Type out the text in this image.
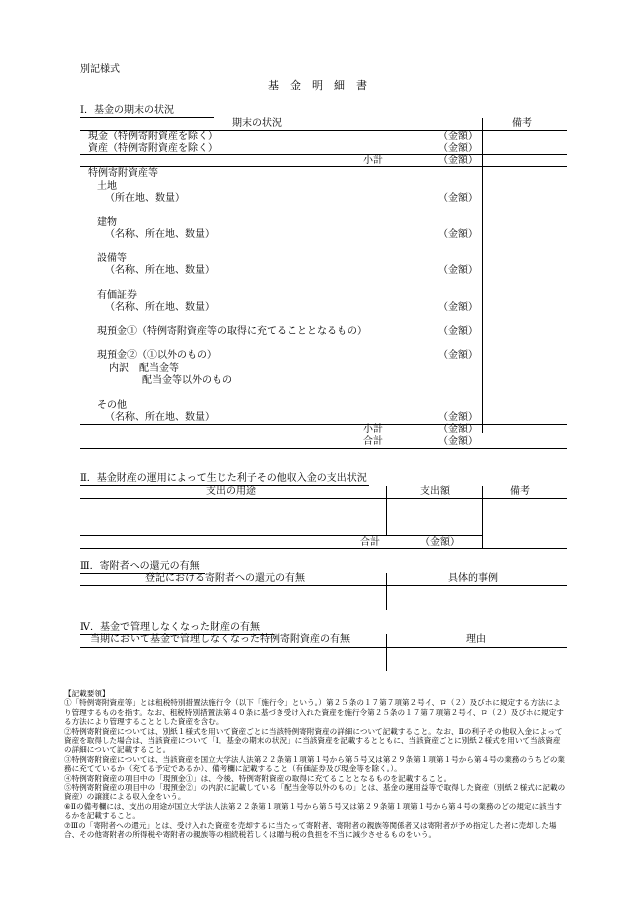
別記様式
基金明細書
Ⅰ．基金の期末の状況
期末の状況	備考
現金（特例寄附資産を除く）	（金額）
資産（特例寄附資産を除く）	（金額）
小計	（金額）
特例寄附資産等
土地
（所在地、数量）	（金額）
建物
（名称、所在地、数量）	（金額）
設備等
（名称、所在地、数量）	（金額）
有価証券
（名称、所在地、数量）	（金額）
現預金①（特例寄附資産等の取得に充てることとなるもの）	（金額）
現預金②（①以外のもの）	（金額）
内訳　配当金等
配当金等以外のもの
その他
（名称、所在地、数量）	（金額）
小計	（金額）
合計	（金額）
Ⅱ．基金財産の運用によって生じた利子その他収入金の支出状況
支出の用途	支出額	備考
合計	（金額）
Ⅲ．寄附者への還元の有無
登記における寄附者への還元の有無	具体的事例
Ⅳ．基金で管理しなくなった財産の有無
当期において基金で管理しなくなった特例寄附資産の有無	理由
【記載要領】
①「特例寄附資産等」とは租税特別措置法施行令（以下「施行令」という。）第２５条の１７第７項第２号イ、ロ（２）及びホに規定する方法により管理するものを指す。なお、租税特別措置法第４０条に基づき受け入れた資産を施行令第２５条の１７第７項第２号イ、ロ（２）及びホに規定する方法により管理することとした資産を含む。
②特例寄附資産については、別紙１様式を用いて資産ごとに当該特例寄附資産の詳細について記載すること。なお、Ⅱの利子その他収入金によって資産を取得した場合は、当該資産について「Ⅰ．基金の期末の状況」に当該資産を記載するとともに、当該資産ごとに別紙２様式を用いて当該資産の詳細について記載すること。
③特例寄附資産については、当該資産を国立大学法人法第２２条第１項第１号から第５号又は第２９条第１項第１号から第４号の業務のうちどの業務に充てているか（充てる予定であるか）、備考欄に記載すること（有価証券及び現金等を除く。）。
④特例寄附資産の項目中の「現預金①」は、今後、特例寄附資産の取得に充てることとなるものを記載すること。
⑤特例寄附資産の項目中の「現預金②」の内訳に記載している「配当金等以外のもの」とは、基金の運用益等で取得した資産（別紙２様式に記載の資産）の譲渡による収入金をいう。
⑥Ⅱの備考欄には、支出の用途が国立大学法人法第２２条第１項第１号から第５号又は第２９条第１項第１号から第４号の業務のどの規定に該当するかを記載すること。
⑦Ⅲの「寄附者への還元」とは、受け入れた資産を売却するに当たって寄附者、寄附者の親族等関係者又は寄附者が予め指定した者に売却した場合、その他寄附者の所得税や寄附者の親族等の相続税若しくは贈与税の負担を不当に減少させるものをいう。
